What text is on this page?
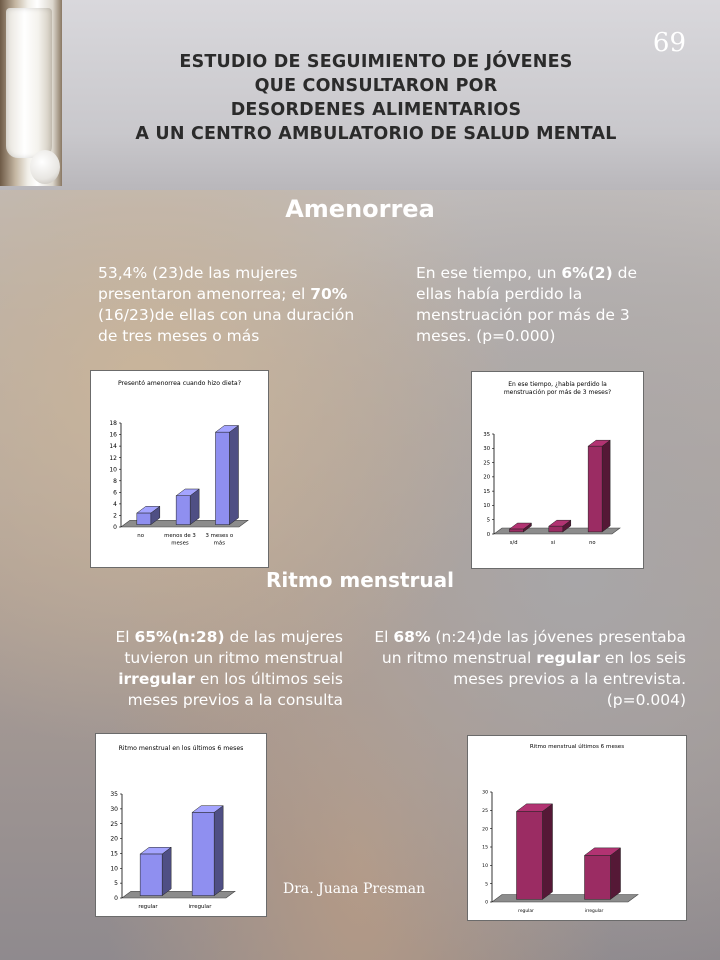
69
ESTUDIO DE SEGUIMIENTO DE JÓVENES
QUE CONSULTARON POR
DESORDENES ALIMENTARIOS
A UN CENTRO AMBULATORIO DE SALUD MENTAL
Amenorrea
53,4% (23)de las mujeres presentaron amenorrea; el 70% (16/23)de ellas con una duración de tres meses o más
En ese tiempo, un 6%(2) de ellas había perdido la menstruación por más de 3 meses. (p=0.000)
Presentó amenorrea cuando hizo dieta?
0
2
4
6
8
10
12
14
16
18
no	menos de 3
meses
3 meses o
más
En ese tiempo, ¿había perdido la
menstruación por más de 3 meses?
0
5
10
15
20
25
30
35
s/d	si	no
Ritmo menstrual
El 65%(n:28) de las mujeres tuvieron un ritmo menstrual irregular en los últimos seis meses previos a la consulta
El 68% (n:24)de las jóvenes presentaba un ritmo menstrual regular en los seis meses previos a la entrevista. (p=0.004)
Ritmo menstrual en los últimos 6 meses
0
5
10
15
20
25
30
35
regular	irregular
Ritmo menstrual últimos 6 meses
0
5
10
15
20
25
30
regular	irregular
Dra. Juana Presman
